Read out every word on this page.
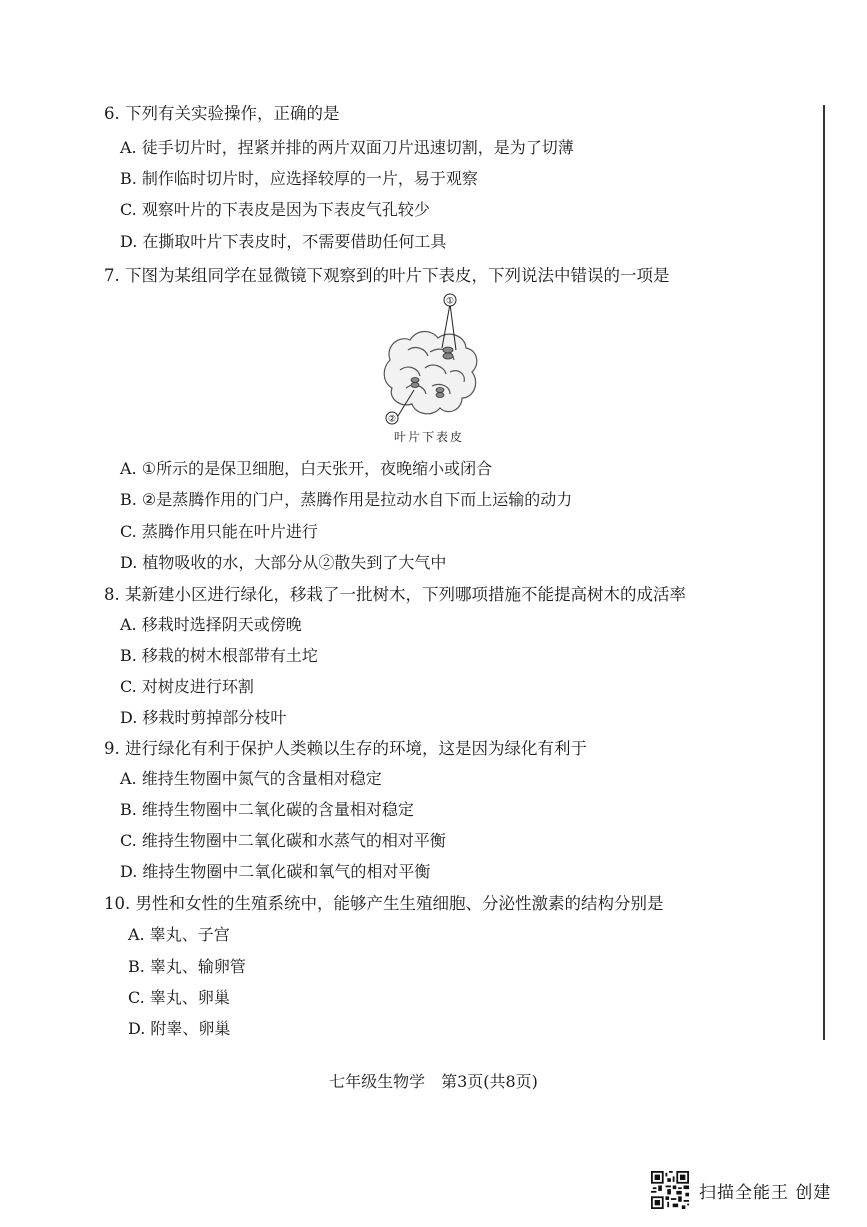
6. 下列有关实验操作，正确的是
A. 徒手切片时，捏紧并排的两片双面刀片迅速切割，是为了切薄
B. 制作临时切片时，应选择较厚的一片，易于观察
C. 观察叶片的下表皮是因为下表皮气孔较少
D. 在撕取叶片下表皮时，不需要借助任何工具
7. 下图为某组同学在显微镜下观察到的叶片下表皮，下列说法中错误的一项是
①
②
叶片下表皮
A. ①所示的是保卫细胞，白天张开，夜晚缩小或闭合
B. ②是蒸腾作用的门户，蒸腾作用是拉动水自下而上运输的动力
C. 蒸腾作用只能在叶片进行
D. 植物吸收的水，大部分从②散失到了大气中
8. 某新建小区进行绿化，移栽了一批树木，下列哪项措施不能提高树木的成活率
A. 移栽时选择阴天或傍晚
B. 移栽的树木根部带有土坨
C. 对树皮进行环割
D. 移栽时剪掉部分枝叶
9. 进行绿化有利于保护人类赖以生存的环境，这是因为绿化有利于
A. 维持生物圈中氮气的含量相对稳定
B. 维持生物圈中二氧化碳的含量相对稳定
C. 维持生物圈中二氧化碳和水蒸气的相对平衡
D. 维持生物圈中二氧化碳和氧气的相对平衡
10. 男性和女性的生殖系统中，能够产生生殖细胞、分泌性激素的结构分别是
A. 睾丸、子宫
B. 睾丸、输卵管
C. 睾丸、卵巢
D. 附睾、卵巢
七年级生物学　第3页(共8页)
扫描全能王 创建
